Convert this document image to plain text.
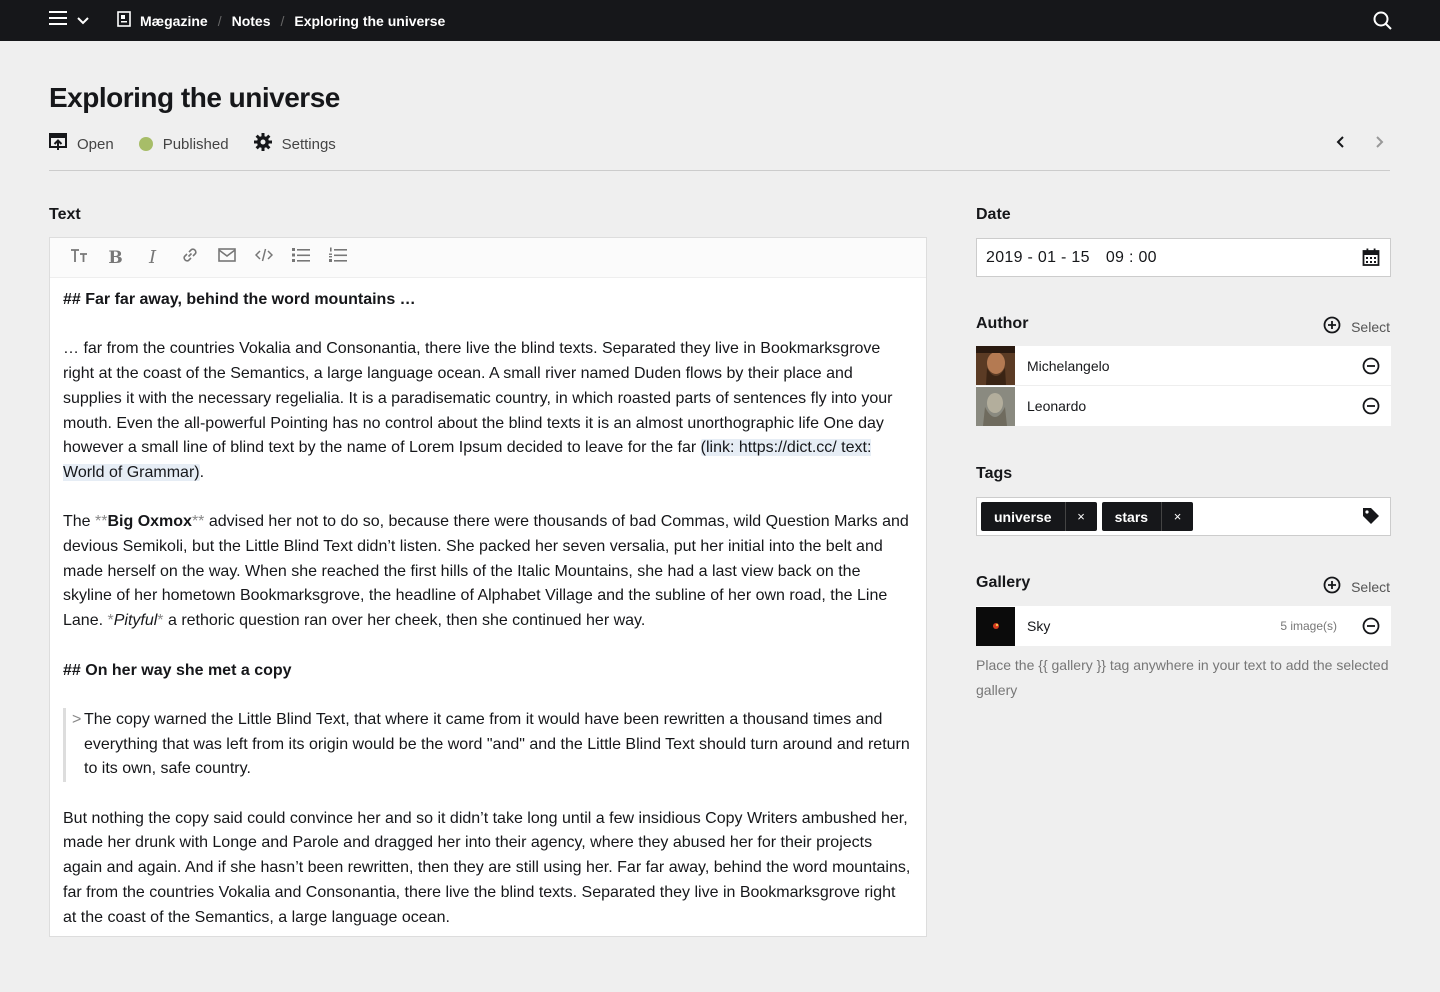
Mægazine / Notes / Exploring the universe
Exploring the universe
Open	Published	Settings
Text
B I

## Far far away, behind the word mountains …

… far from the countries Vokalia and Consonantia, there live the blind texts. Separated they live in Bookmarksgrove right at the coast of the Semantics, a large language ocean. A small river named Duden flows by their place and supplies it with the necessary regelialia. It is a paradisematic country, in which roasted parts of sentences fly into your mouth. Even the all-powerful Pointing has no control about the blind texts it is an almost unorthographic life One day however a small line of blind text by the name of Lorem Ipsum decided to leave for the far (link: https://dict.cc/ text: World of Grammar).

The **Big Oxmox** advised her not to do so, because there were thousands of bad Commas, wild Question Marks and devious Semikoli, but the Little Blind Text didn’t listen. She packed her seven versalia, put her initial into the belt and made herself on the way. When she reached the first hills of the Italic Mountains, she had a last view back on the skyline of her hometown Bookmarksgrove, the headline of Alphabet Village and the subline of her own road, the Line Lane. *Pityful* a rethoric question ran over her cheek, then she continued her way.

## On her way she met a copy

> The copy warned the Little Blind Text, that where it came from it would have been rewritten a thousand times and everything that was left from its origin would be the word "and" and the Little Blind Text should turn around and return to its own, safe country.

But nothing the copy said could convince her and so it didn’t take long until a few insidious Copy Writers ambushed her, made her drunk with Longe and Parole and dragged her into their agency, where they abused her for their projects again and again. And if she hasn’t been rewritten, then they are still using her. Far far away, behind the word mountains, far from the countries Vokalia and Consonantia, there live the blind texts. Separated they live in Bookmarksgrove right at the coast of the Semantics, a large language ocean.

Date
2019 - 01 - 15 09 : 00
Author	Select
Michelangelo
Leonardo
Tags
universe	×	stars	×
Gallery	Select
Sky	5 image(s)

Place the {{ gallery }} tag anywhere in your text to add the selected gallery
